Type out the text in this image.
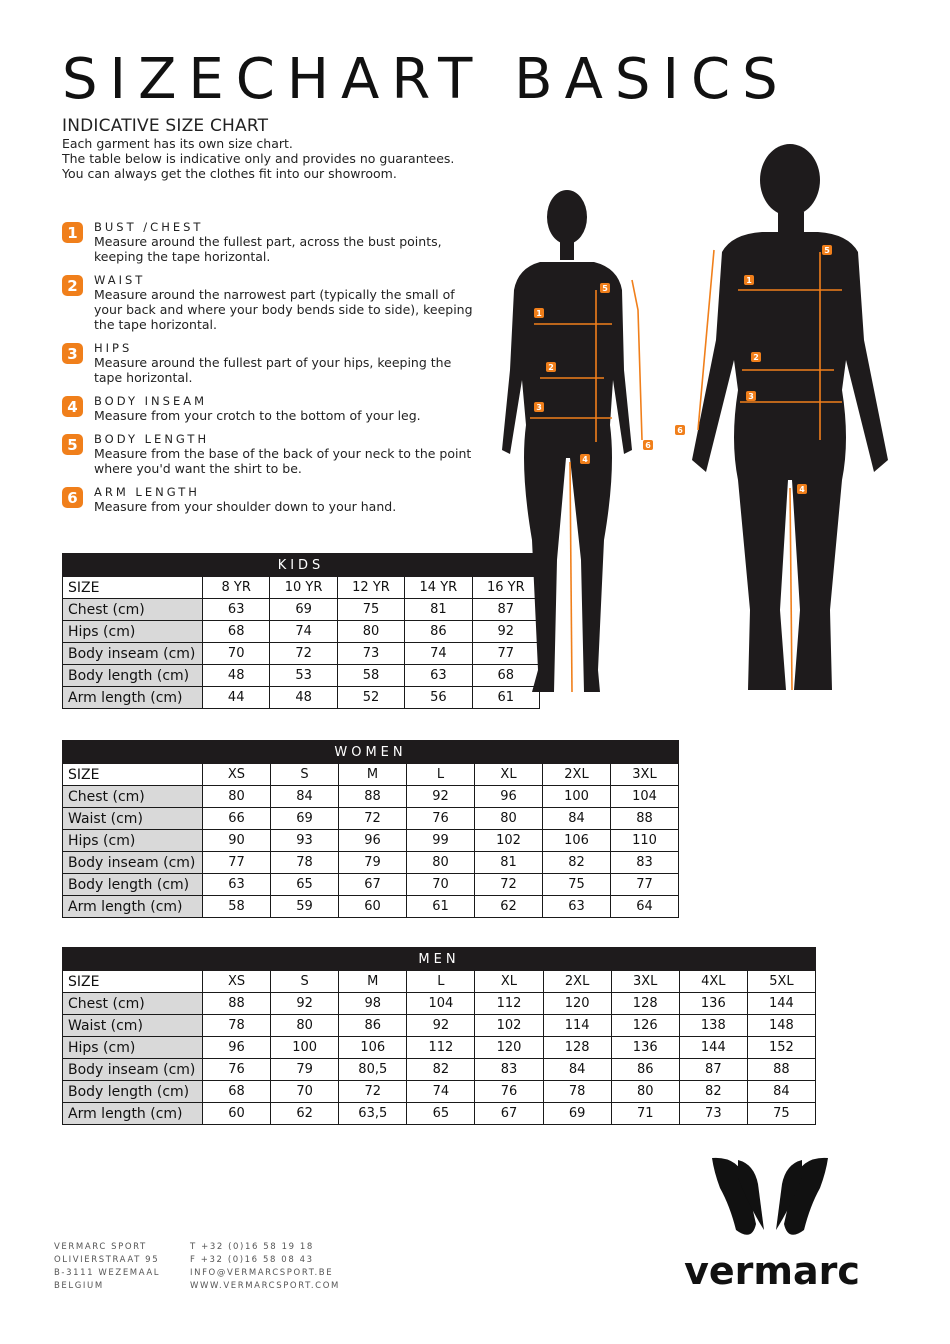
SIZECHART BASICS
INDICATIVE SIZE CHART
Each garment has its own size chart.
The table below is indicative only and provides no guarantees.
You can always get the clothes fit into our showroom.
1	BUST /CHEST
Measure around the fullest part, across the bust points,
keeping the tape horizontal.
2	WAIST
Measure around the narrowest part (typically the small of
your back and where your body bends side to side), keeping
the tape horizontal.
3	HIPS
Measure around the fullest part of your hips, keeping the
tape horizontal.
4	BODY INSEAM
Measure from your crotch to the bottom of your leg.
5	BODY LENGTH
Measure from the base of the back of your neck to the point
where you'd want the shirt to be.
6	ARM LENGTH
Measure from your shoulder down to your hand.
1
2
3
4
5
6
1
2
3
4
5
6
KIDS					
SIZE	8 YR	10 YR	12 YR	14 YR	16 YR
Chest (cm)	63	69	75	81	87
Hips (cm)	68	74	80	86	92
Body inseam (cm)	70	72	73	74	77
Body length (cm)	48	53	58	63	68
Arm length (cm)	44	48	52	56	61
WOMEN							
SIZE	XS	S	M	L	XL	2XL	3XL
Chest (cm)	80	84	88	92	96	100	104
Waist (cm)	66	69	72	76	80	84	88
Hips (cm)	90	93	96	99	102	106	110
Body inseam (cm)	77	78	79	80	81	82	83
Body length (cm)	63	65	67	70	72	75	77
Arm length (cm)	58	59	60	61	62	63	64
MEN									
SIZE	XS	S	M	L	XL	2XL	3XL	4XL	5XL
Chest (cm)	88	92	98	104	112	120	128	136	144
Waist (cm)	78	80	86	92	102	114	126	138	148
Hips (cm)	96	100	106	112	120	128	136	144	152
Body inseam (cm)	76	79	80,5	82	83	84	86	87	88
Body length (cm)	68	70	72	74	76	78	80	82	84
Arm length (cm)	60	62	63,5	65	67	69	71	73	75
VERMARC SPORT
OLIVIERSTRAAT 95
B-3111 WEZEMAAL
BELGIUM
T +32 (0)16 58 19 18
F +32 (0)16 58 08 43
INFO@VERMARCSPORT.BE
WWW.VERMARCSPORT.COM	vermarc
